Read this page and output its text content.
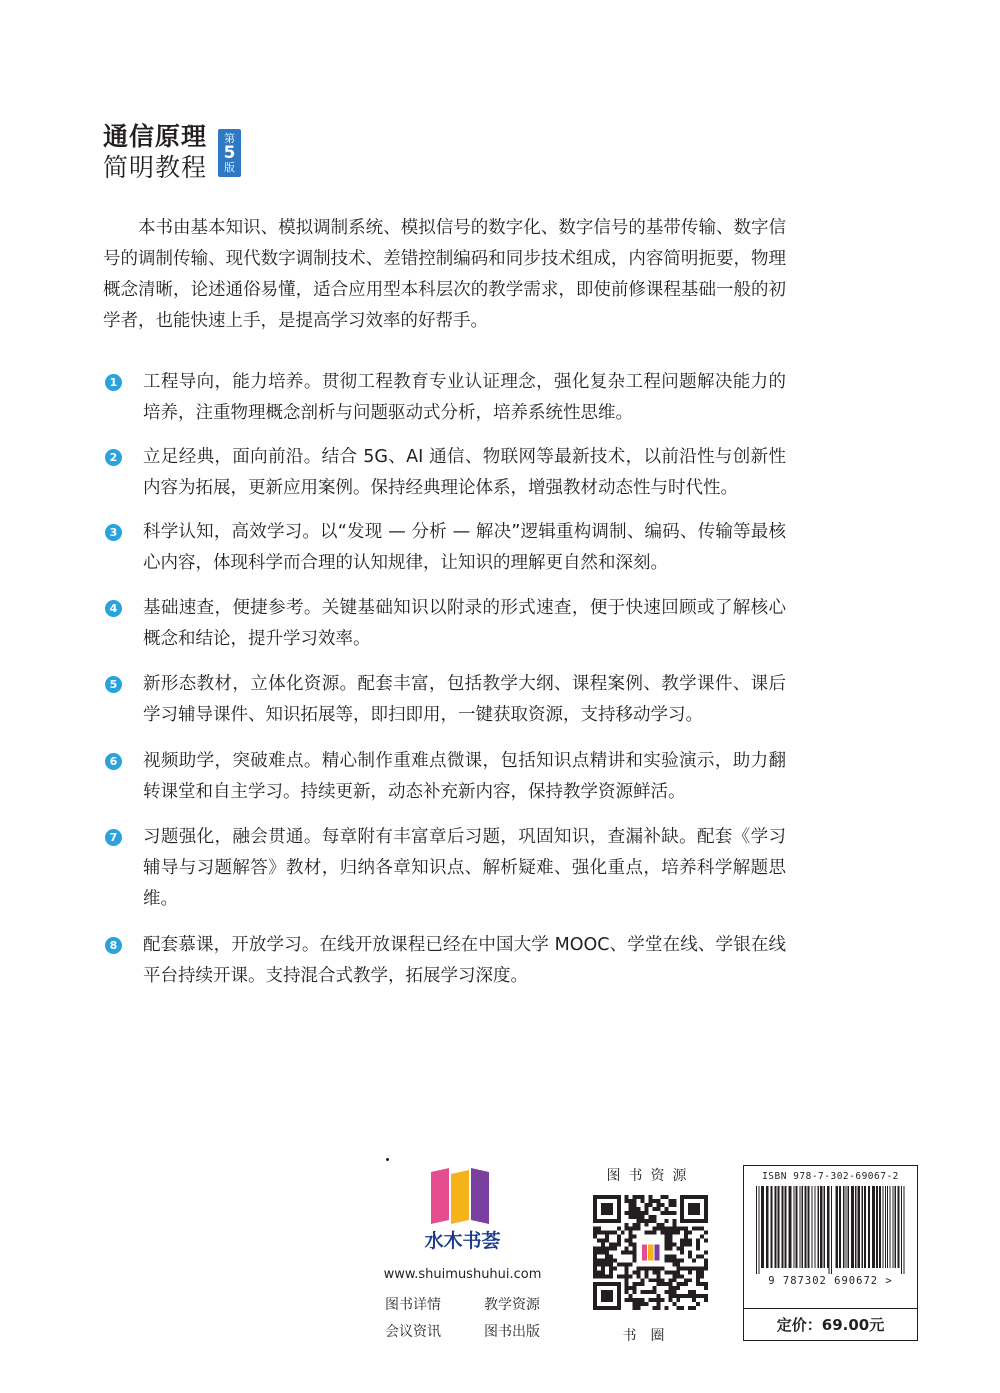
通信原理
简明教程
第
5
版

本书由基本知识、模拟调制系统、模拟信号的数字化、数字信号的基带传输、数字信号的调制传输、现代数字调制技术、差错控制编码和同步技术组成，内容简明扼要，物理概念清晰，论述通俗易懂，适合应用型本科层次的教学需求，即使前修课程基础一般的初学者，也能快速上手，是提高学习效率的好帮手。

1 工程导向，能力培养。贯彻工程教育专业认证理念，强化复杂工程问题解决能力的培养，注重物理概念剖析与问题驱动式分析，培养系统性思维。
2 立足经典，面向前沿。结合 5G、AI 通信、物联网等最新技术，以前沿性与创新性内容为拓展，更新应用案例。保持经典理论体系，增强教材动态性与时代性。
3 科学认知，高效学习。以“发现 — 分析 — 解决”逻辑重构调制、编码、传输等最核心内容，体现科学而合理的认知规律，让知识的理解更自然和深刻。
4 基础速查，便捷参考。关键基础知识以附录的形式速查，便于快速回顾或了解核心概念和结论，提升学习效率。
5 新形态教材，立体化资源。配套丰富，包括教学大纲、课程案例、教学课件、课后学习辅导课件、知识拓展等，即扫即用，一键获取资源，支持移动学习。
6 视频助学，突破难点。精心制作重难点微课，包括知识点精讲和实验演示，助力翻转课堂和自主学习。持续更新，动态补充新内容，保持教学资源鲜活。
7 习题强化，融会贯通。每章附有丰富章后习题，巩固知识，查漏补缺。配套《学习辅导与习题解答》教材，归纳各章知识点、解析疑难、强化重点，培养科学解题思维。
8 配套慕课，开放学习。在线开放课程已经在中国大学 MOOC、学堂在线、学银在线平台持续开课。支持混合式教学，拓展学习深度。
水木书荟
www.shuimushuhui.com
图书详情	教学资源
会议资讯	图书出版
图书资源
书圈
ISBN 978-7-302-69067-2
9 787302 690672 >
定价：69.00元
